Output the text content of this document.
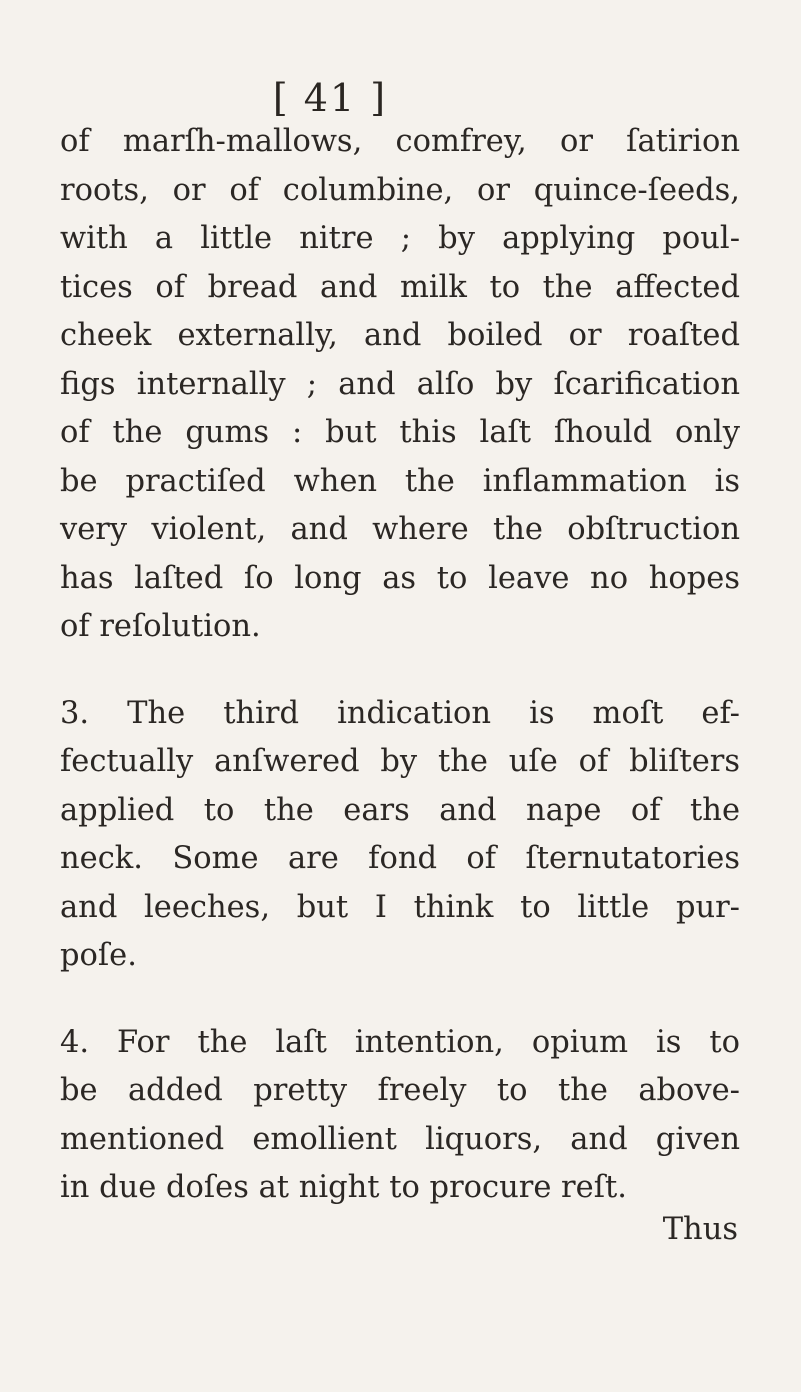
[ 41 ]
of marſh-mallows, comfrey, or ſatirion
roots, or of columbine, or quince-ſeeds,
with a little nitre ; by applying poul-
tices of bread and milk to the affected
cheek externally, and boiled or roaſted
figs internally ; and alſo by ſcarification
of the gums : but this laſt ſhould only
be practiſed when the inflammation is
very violent, and where the obſtruction
has laſted ſo long as to leave no hopes
of reſolution.
3. The third indication is moſt ef-
fectually anſwered by the uſe of bliſters
applied to the ears and nape of the
neck. Some are fond of ſternutatories
and leeches, but I think to little pur-
poſe.
4. For the laſt intention, opium is to
be added pretty freely to the above-
mentioned emollient liquors, and given
in due doſes at night to procure reſt.
Thus
